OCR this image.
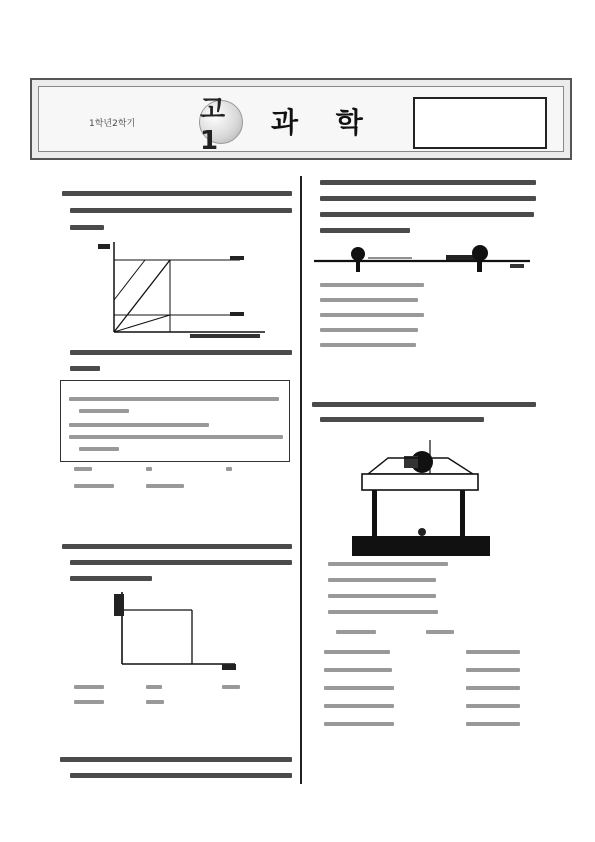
1학년2학기 고1
과 학
